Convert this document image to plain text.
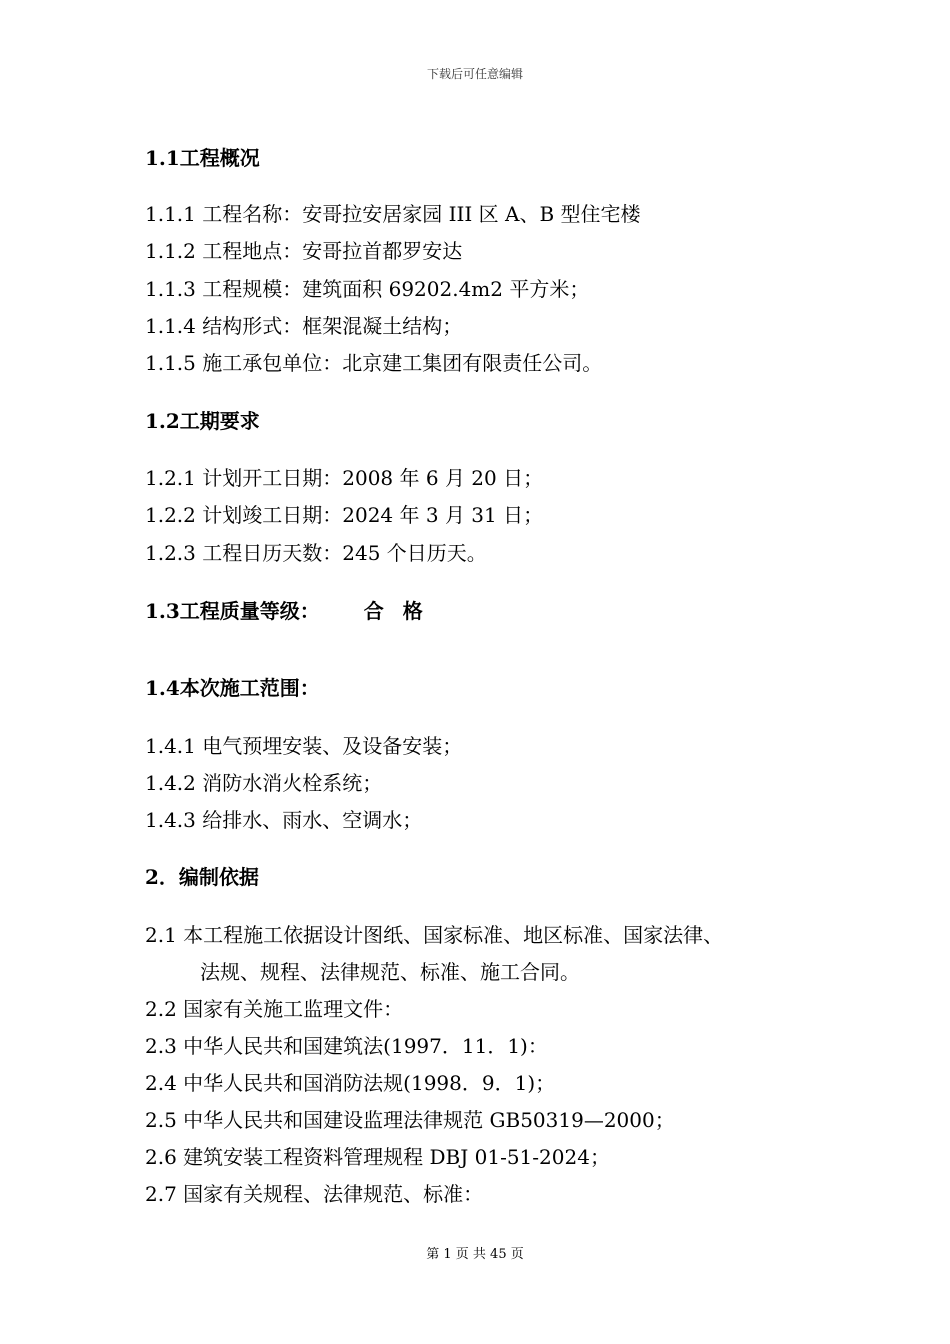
下载后可任意编辑
1.1工程概况
1.1.1 工程名称：安哥拉安居家园 III 区 A、B 型住宅楼
1.1.2 工程地点：安哥拉首都罗安达
1.1.3 工程规模：建筑面积 69202.4m2 平方米；
1.1.4 结构形式：框架混凝土结构；
1.1.5 施工承包单位：北京建工集团有限责任公司。
1.2工期要求
1.2.1 计划开工日期：2008 年 6 月 20 日；
1.2.2 计划竣工日期：2024 年 3 月 31 日；
1.2.3 工程日历天数：245 个日历天。
1.3工程质量等级： 合 格
1.4本次施工范围：
1.4.1 电气预埋安装、及设备安装；
1.4.2 消防水消火栓系统；
1.4.3 给排水、雨水、空调水；
2．编制依据
2.1 本工程施工依据设计图纸、国家标准、地区标准、国家法律、
法规、规程、法律规范、标准、施工合同。
2.2 国家有关施工监理文件：
2.3 中华人民共和国建筑法(1997．11．1)：
2.4 中华人民共和国消防法规(1998．9．1)；
2.5 中华人民共和国建设监理法律规范 GB50319—2000；
2.6 建筑安装工程资料管理规程 DBJ 01-51-2024；
2.7 国家有关规程、法律规范、标准：
第 1 页 共 45 页
